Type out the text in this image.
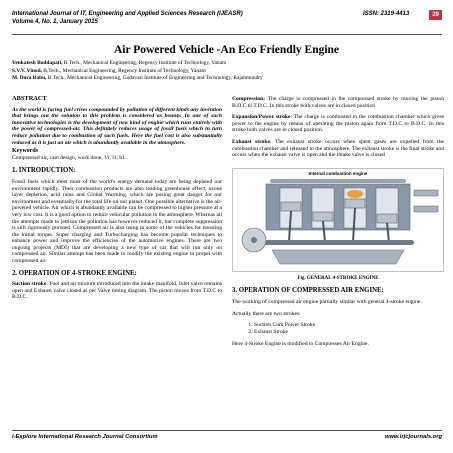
International Journal of IT, Engineering and Applied Sciences Research (IJEASR)
Volume 4, No. 1, January 2015
ISSN: 2319-4413	29
Air Powered Vehicle -An Eco Friendly Engine
Venkatesh Boddapati, B.Tech., Mechanical Engineering, Regency Institute of Technology, Yanam
S.V.V. Vinod, B.Tech., Mechanical Engineering, Regency Institute of Technology, Yanam
M. Dora Babu, B.Tech., Mechanical Engineering, Godavari Institute of Engineering and Technology, Rajahmundry
ABSTRACT

As the world is facing fuel crises compounded by pollution of different kinds any invention that brings out the solution to this problem is considered as bounty. In one of such innovative technologies is the development of new kind of engine which runs entirely with the power of compressed-air. This definitely reduces usage of fossil fuels which in turn reduce pollution due to combustion of such fuels. Here the fuel cost is also substantially reduced as it is just an air which is abundantly available in the atmosphere.

Keywords

Compressed air, cam design, work done, Vr, l1, b1.

1. INTRODUCTION:

Fossil fuels which meet most of the world's energy demand today are being depleted our environment rapidly. Their combustion products are also leading greenhouse effect, ozone layer depletion, acid rains and Global Warming, which are posing great danger for our environment and eventually for the total life on our planet. One possible alternative is the air-powered vehicle. Air which is abundantly available can be compressed to higher pressure at a very low cost. It is a good option to reduce vehicular pollution in the atmosphere. Whereas all the attempts made to jettison the pollution has however reduced it, but complete suppression is still rigorously pursued. Compressed air is also using in some of the vehicles for boosting the initial torque. Super charging and Turbocharging has become popular techniques to enhance power and improve the efficiencies of the automotive engines. There are two ongoing projects (MDI) that are developing a new type of car that will run only on compressed air. Similar attempt has been made to modify the existing engine to propel with compressed air.

2. OPERATION OF 4-STROKE ENGINE:

Suction stroke: Fuel and air mixture introduced into the intake manifold. Inlet valve remains open and Exhaust valve closed as per Valve timing diagram. The piston moves from T.D.C to B.D.C.

Compression: The charge is compressed in the compressed stroke by moving the piston B.D.C to T.D.C. In this stroke both valves are in closed position

Expansion/Power stroke: The charge is combusted in the combustion chamber which gives power to the engine by means of operating the piston again from T.D.C to B.D.C. In this stroke both valves are in closed position.

Exhaust stroke: The exhaust stroke occurs when spent gases are expelled from the combustion chamber and released to the atmosphere. The exhaust stroke is the final stroke and occurs when the exhaust valve is open and the intake valve is closed

Internal combustion engine
Fig. GENERAL 4-STROKE ENGINE
3. OPERATION OF COMPRESSED AIR ENGINE:

The working of compressed air engine partially similar with general 4-stroke engine.

Actually there are two strokes:

1. Suction Cum Power Stroke
2. Exhaust Stroke

Here 4-Stroke Engine is modified to Compresses Air Engine.

i-Explore International Research Journal Consortium	www.irjcjournals.org
